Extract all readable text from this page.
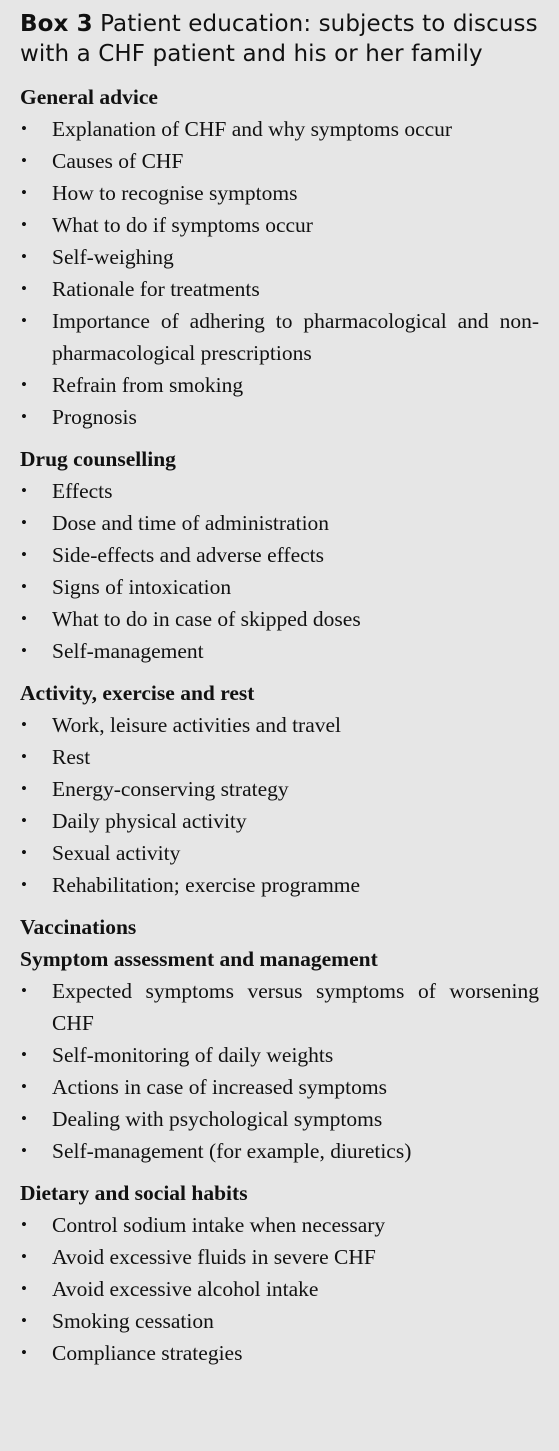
Box 3 Patient education: subjects to discuss with a CHF patient and his or her family
General advice
• Explanation of CHF and why symptoms occur
• Causes of CHF
• How to recognise symptoms
• What to do if symptoms occur
• Self-weighing
• Rationale for treatments
• Importance of adhering to pharmacological and non-pharmacological prescriptions
• Refrain from smoking
• Prognosis
Drug counselling
• Effects
• Dose and time of administration
• Side-effects and adverse effects
• Signs of intoxication
• What to do in case of skipped doses
• Self-management
Activity, exercise and rest
• Work, leisure activities and travel
• Rest
• Energy-conserving strategy
• Daily physical activity
• Sexual activity
• Rehabilitation; exercise programme
Vaccinations
Symptom assessment and management
• Expected symptoms versus symptoms of worsening CHF
• Self-monitoring of daily weights
• Actions in case of increased symptoms
• Dealing with psychological symptoms
• Self-management (for example, diuretics)
Dietary and social habits
• Control sodium intake when necessary
• Avoid excessive fluids in severe CHF
• Avoid excessive alcohol intake
• Smoking cessation
• Compliance strategies
